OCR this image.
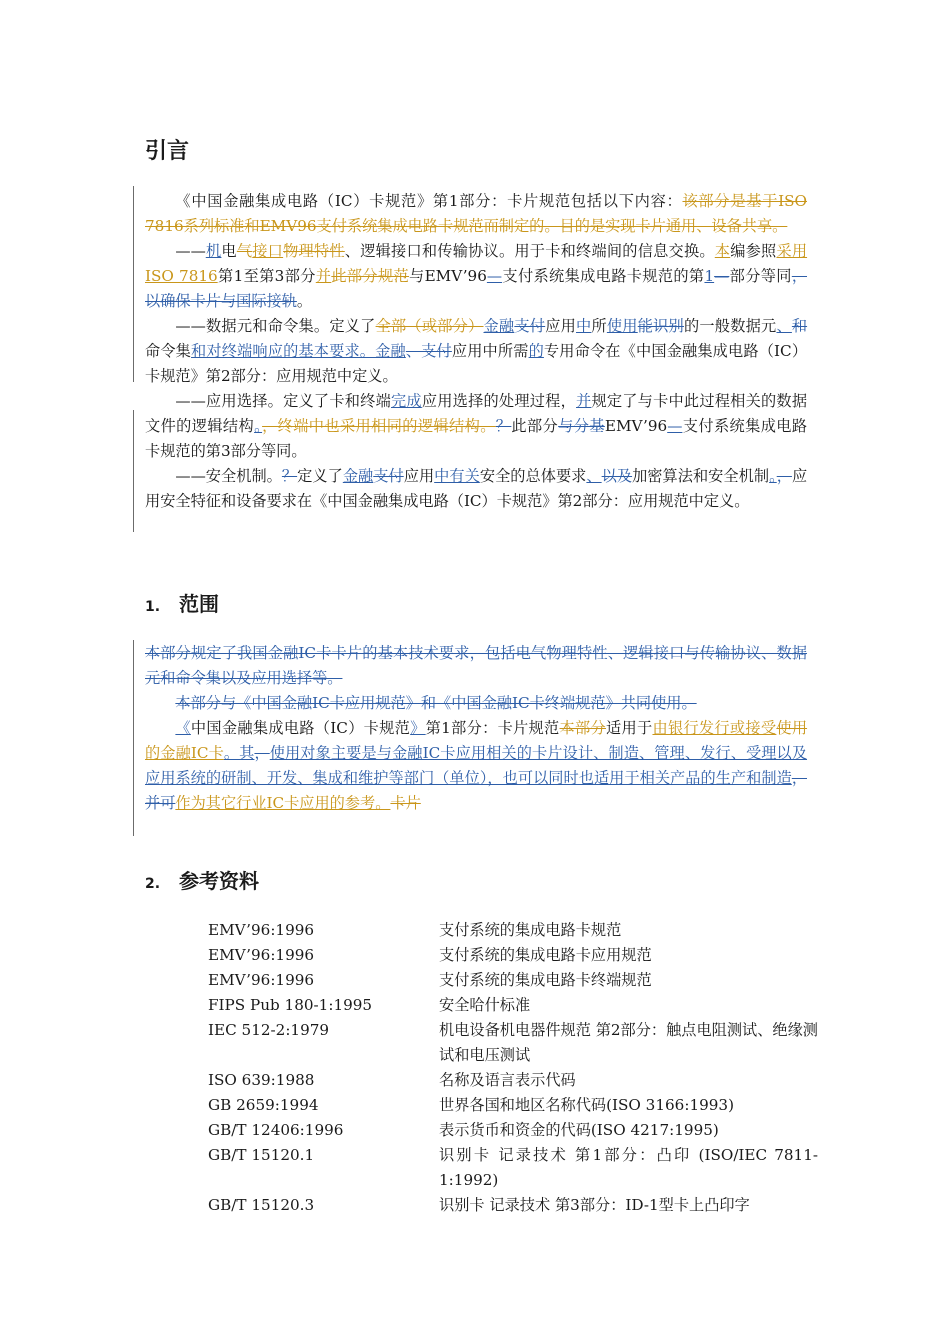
引言

《中国金融集成电路（IC）卡规范》第1部分：卡片规范包括以下内容：该部分是基于ISO 7816系列标准和EMV96支付系统集成电路卡规范而制定的。目的是实现卡片通用、设备共享。

——机电气接口物理特性、逻辑接口和传输协议。用于卡和终端间的信息交换。本编参照采用ISO 7816第1至第3部分并此部分规范与EMV’96—支付系统集成电路卡规范的第1—部分等同，以确保卡片与国际接轨。

——数据元和命令集。定义了全部（或部分）金融支付应用中所使用能识别的一般数据元、和命令集和对终端响应的基本要求。金融、支付应用中所需的专用命令在《中国金融集成电路（IC）卡规范》第2部分：应用规范中定义。

——应用选择。定义了卡和终端完成应用选择的处理过程，并规定了与卡中此过程相关的数据文件的逻辑结构。，终端中也采用相同的逻辑结构。？此部分与分基EMV’96—支付系统集成电路卡规范的第3部分等同。

——安全机制。？定义了金融支付应用中有关安全的总体要求、以及加密算法和安全机制。，应用安全特征和设备要求在《中国金融集成电路（IC）卡规范》第2部分：应用规范中定义。

1. 范围

本部分规定了我国金融IC卡卡片的基本技术要求，包括电气物理特性、逻辑接口与传输协议、数据元和命令集以及应用选择等。

本部分与《中国金融IC卡应用规范》和《中国金融IC卡终端规范》共同使用。

《中国金融集成电路（IC）卡规范》第1部分：卡片规范本部分适用于由银行发行或接受使用的金融IC卡。其，使用对象主要是与金融IC卡应用相关的卡片设计、制造、管理、发行、受理以及应用系统的研制、开发、集成和维护等部门（单位），也可以同时也适用于相关产品的生产和制造，并可作为其它行业IC卡应用的参考。卡片

2. 参考资料
EMV’96:1996	支付系统的集成电路卡规范
EMV’96:1996	支付系统的集成电路卡应用规范
EMV’96:1996	支付系统的集成电路卡终端规范
FIPS Pub 180-1:1995	安全哈什标准
IEC 512-2:1979	机电设备机电器件规范 第2部分：触点电阻测试、绝缘测试和电压测试
ISO 639:1988	名称及语言表示代码
GB 2659:1994	世界各国和地区名称代码(ISO 3166:1993)
GB/T 12406:1996	表示货币和资金的代码(ISO 4217:1995)
GB/T 15120.1	识别卡 记录技术 第1部分：凸印 (ISO/IEC 7811-1:1992)
GB/T 15120.3	识别卡 记录技术 第3部分：ID-1型卡上凸印字
